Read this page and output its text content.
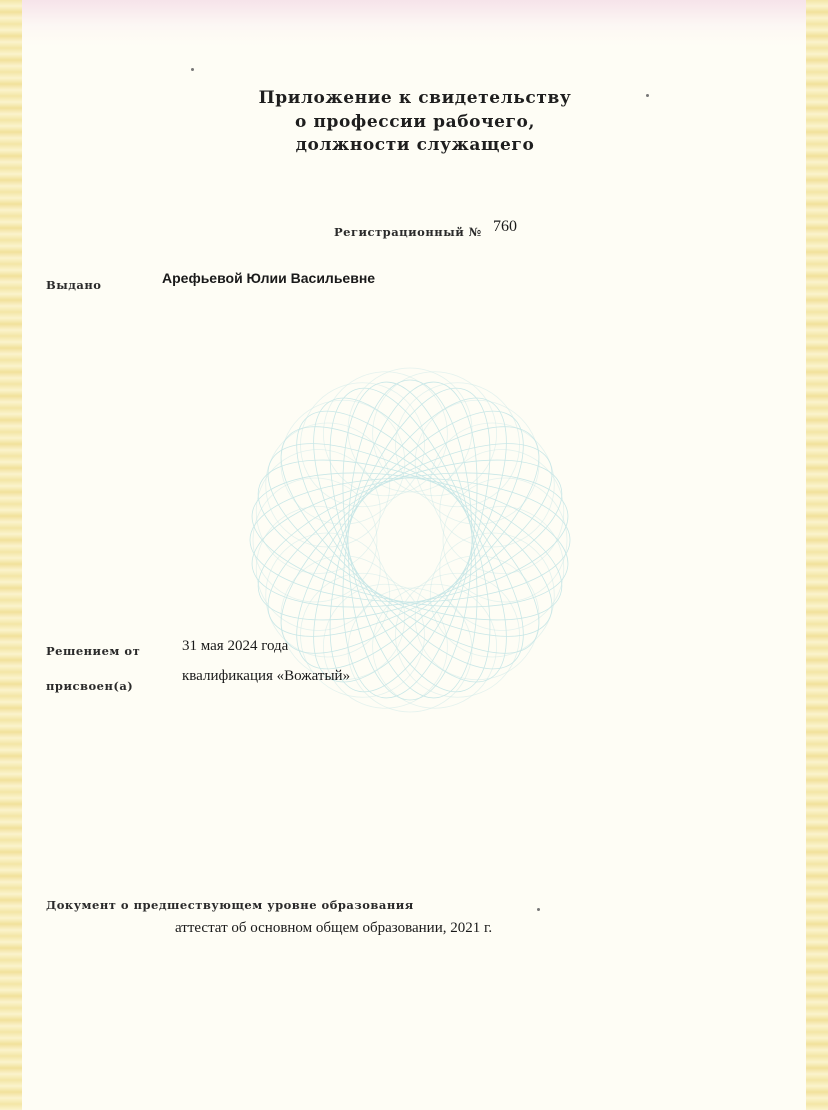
Приложение к свидетельству
о профессии рабочего,
должности служащего
Регистрационный № 760
Выдано	Арефьевой Юлии Васильевне
Решением от	31 мая 2024 года
присвоен(а)
квалификация «Вожатый»
Документ о предшествующем уровне образования
аттестат об основном общем образовании, 2021 г.
